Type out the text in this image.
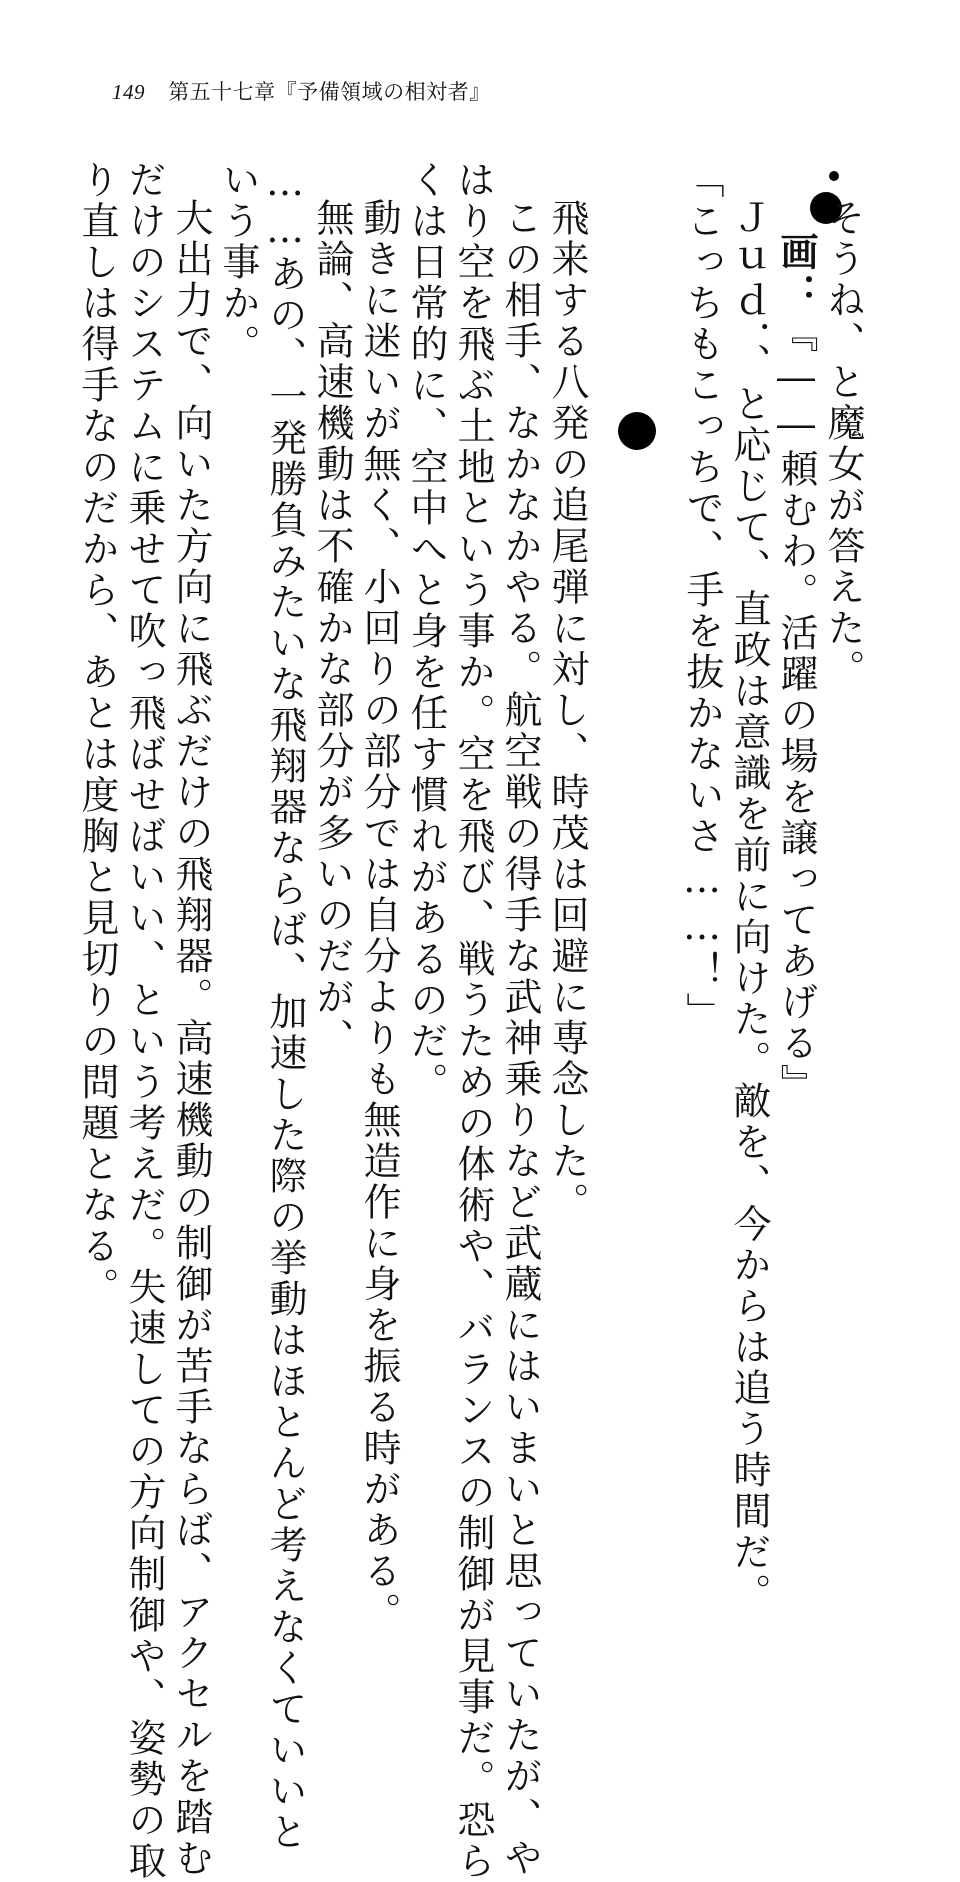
149 第五十七章『予備領域の相対者』
そうね、と魔女が答えた。
画：『――頼むわ。活躍の場を譲ってあげる』
Ｊｕｄ．、と応じて、直政は意識を前に向けた。敵を、今からは追う時間だ。
「こっちもこっちで、手を抜かないさ……！」
飛来する八発の追尾弾に対し、時茂は回避に専念した。
この相手、なかなかやる。航空戦の得手な武神乗りなど武蔵にはいまいと思っていたが、や
はり空を飛ぶ土地という事か。空を飛び、戦うための体術や、バランスの制御が見事だ。恐ら
くは日常的に、空中へと身を任す慣れがあるのだ。
動きに迷いが無く、小回りの部分では自分よりも無造作に身を振る時がある。
無論、高速機動は不確かな部分が多いのだが、
……あの、一発勝負みたいな飛翔器ならば、加速した際の挙動はほとんど考えなくていいと
いう事か。
大出力で、向いた方向に飛ぶだけの飛翔器。高速機動の制御が苦手ならば、アクセルを踏む
だけのシステムに乗せて吹っ飛ばせばいい、という考えだ。失速しての方向制御や、姿勢の取
り直しは得手なのだから、あとは度胸と見切りの問題となる。
